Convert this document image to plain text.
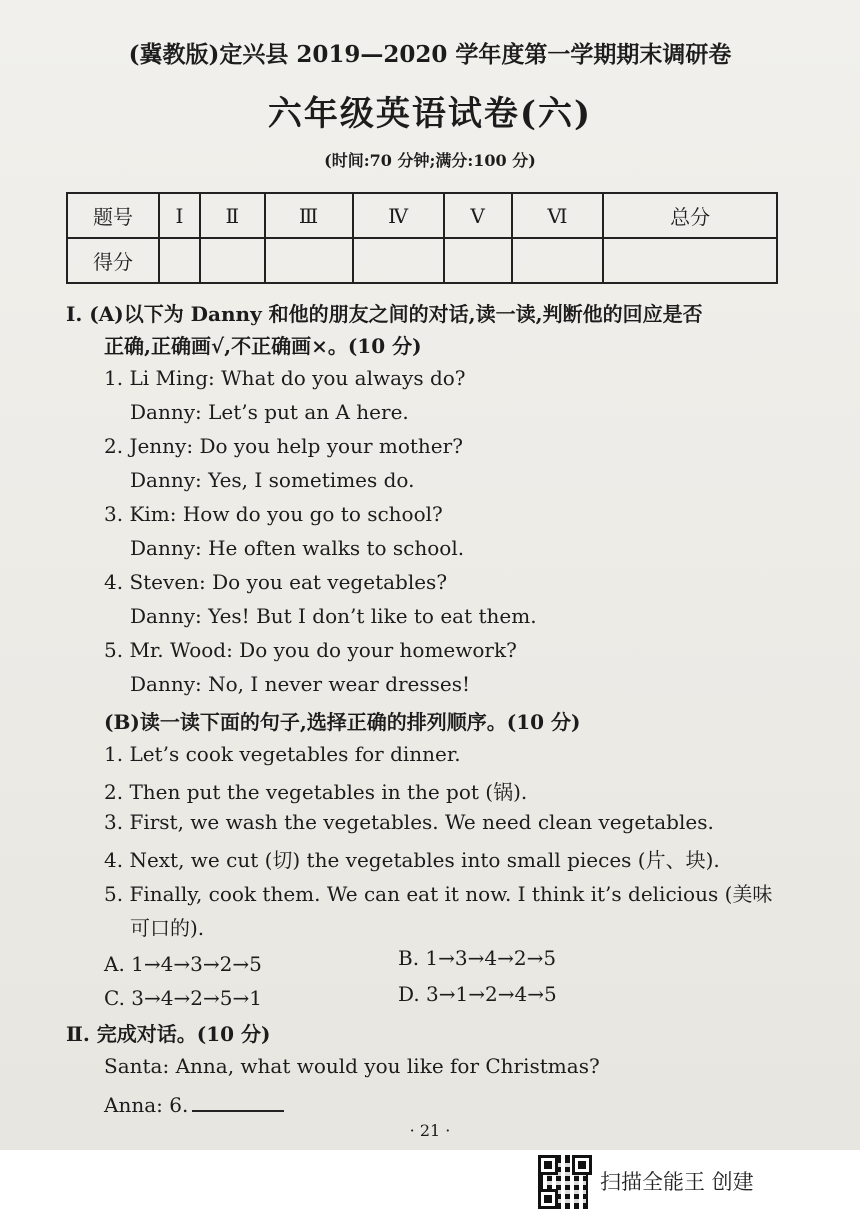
(冀教版)定兴县 2019—2020 学年度第一学期期末调研卷
六年级英语试卷(六)
(时间:70 分钟;满分:100 分)
题号	Ⅰ	Ⅱ	Ⅲ	Ⅳ	Ⅴ	Ⅵ	总分
得分							
Ⅰ. (A)以下为 Danny 和他的朋友之间的对话,读一读,判断他的回应是否
正确,正确画√,不正确画×。(10 分)
1. Li Ming: What do you always do?
Danny: Let’s put an A here.
2. Jenny: Do you help your mother?
Danny: Yes, I sometimes do.
3. Kim: How do you go to school?
Danny: He often walks to school.
4. Steven: Do you eat vegetables?
Danny: Yes! But I don’t like to eat them.
5. Mr. Wood: Do you do your homework?
Danny: No, I never wear dresses!
(B)读一读下面的句子,选择正确的排列顺序。(10 分)
1. Let’s cook vegetables for dinner.
2. Then put the vegetables in the pot (锅).
3. First, we wash the vegetables. We need clean vegetables.
4. Next, we cut (切) the vegetables into small pieces (片、块).
5. Finally, cook them. We can eat it now. I think it’s delicious (美味
可口的).
A. 1→4→3→2→5	B. 1→3→4→2→5
C. 3→4→2→5→1	D. 3→1→2→4→5
Ⅱ. 完成对话。(10 分)
Santa: Anna, what would you like for Christmas?
Anna: 6.
· 21 ·
扫描全能王 创建
